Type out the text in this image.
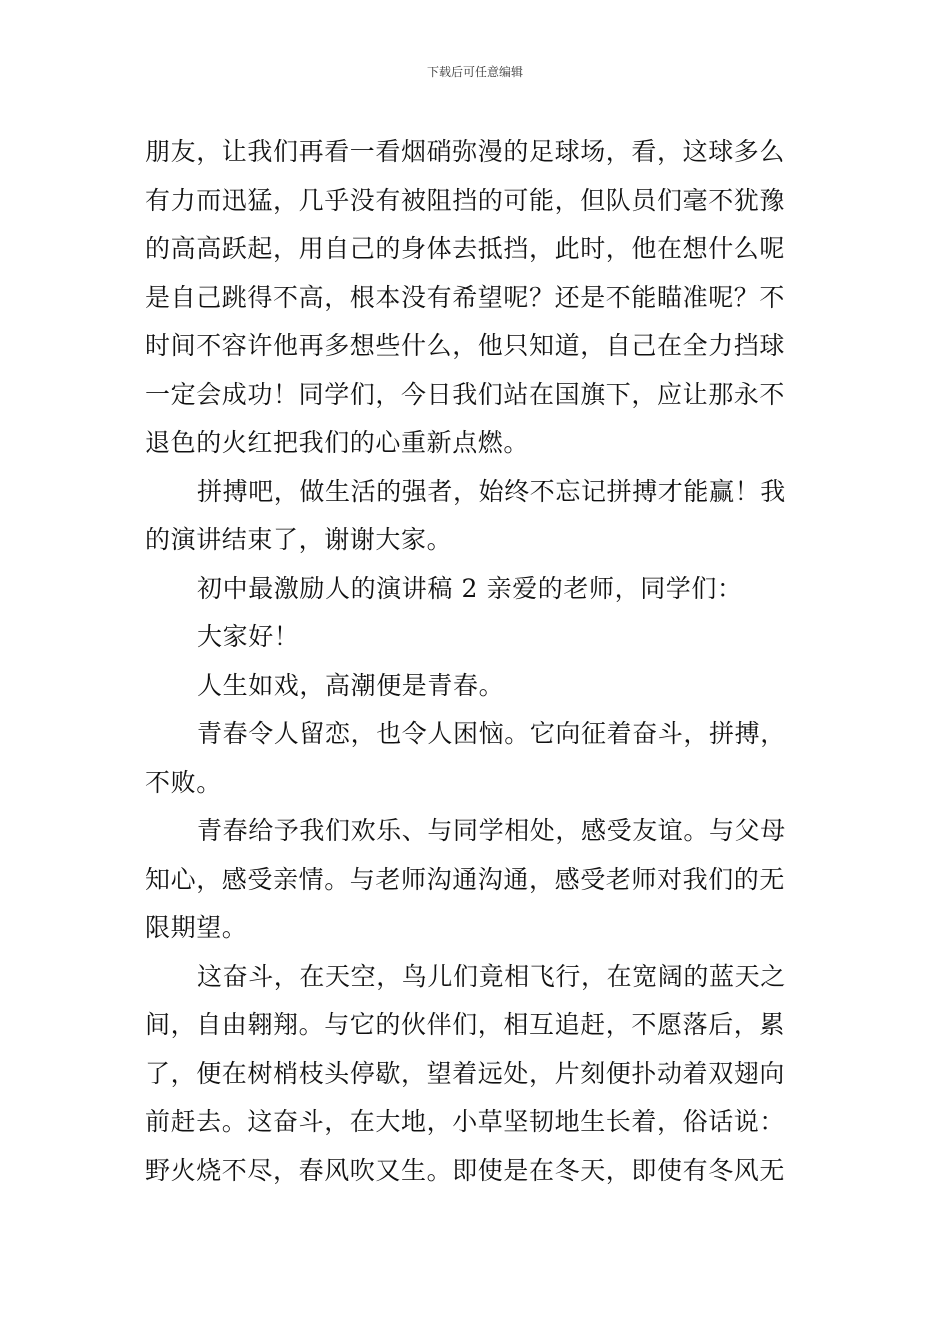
下载后可任意编辑
朋友，让我们再看一看烟硝弥漫的足球场，看，这球多么
有力而迅猛，几乎没有被阻挡的可能，但队员们毫不犹豫
的高高跃起，用自己的身体去抵挡，此时，他在想什么呢
是自己跳得不高，根本没有希望呢？还是不能瞄准呢？不
时间不容许他再多想些什么，他只知道，自己在全力挡球
一定会成功！同学们，今日我们站在国旗下，应让那永不
退色的火红把我们的心重新点燃。
拼搏吧，做生活的强者，始终不忘记拼搏才能赢！我
的演讲结束了，谢谢大家。
初中最激励人的演讲稿 2 亲爱的老师，同学们：
大家好！
人生如戏，高潮便是青春。
青春令人留恋，也令人困恼。它向征着奋斗，拼搏，
不败。
青春给予我们欢乐、与同学相处，感受友谊。与父母
知心，感受亲情。与老师沟通沟通，感受老师对我们的无
限期望。
这奋斗，在天空，鸟儿们竟相飞行，在宽阔的蓝天之
间，自由翱翔。与它的伙伴们，相互追赶，不愿落后，累
了，便在树梢枝头停歇，望着远处，片刻便扑动着双翅向
前赶去。这奋斗，在大地，小草坚韧地生长着，俗话说：
野火烧不尽，春风吹又生。即使是在冬天，即使有冬风无
